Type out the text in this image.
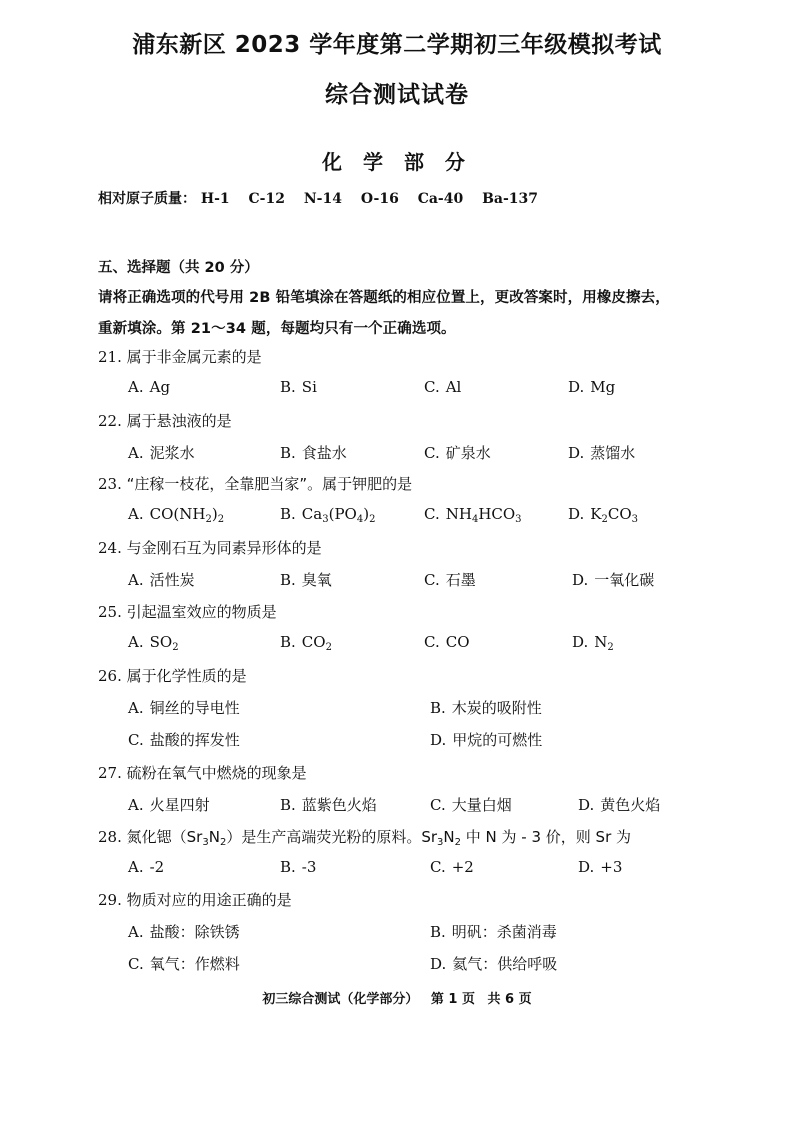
浦东新区 2023 学年度第二学期初三年级模拟考试
综合测试试卷
化 学 部 分
相对原子质量： H-1 C-12 N-14 O-16 Ca-40 Ba-137
五、选择题（共 20 分）
请将正确选项的代号用 2B 铅笔填涂在答题纸的相应位置上，更改答案时，用橡皮擦去，
重新填涂。第 21～34 题，每题均只有一个正确选项。
21. 属于非金属元素的是
A. Ag	B. Si	C. Al	D. Mg
22. 属于悬浊液的是
A. 泥浆水	B. 食盐水	C. 矿泉水	D. 蒸馏水
23. “庄稼一枝花，全靠肥当家”。属于钾肥的是
A. $CO(NH_2)_2$	B. $Ca_3(PO_4)_2$	C. $NH_4HCO_3$	D. $K_2CO_3$
24. 与金刚石互为同素异形体的是
A. 活性炭	B. 臭氧	C. 石墨	D. 一氧化碳
25. 引起温室效应的物质是
A. $SO_2$	B. $CO_2$	C. CO	D. $N_2$
26. 属于化学性质的是
A. 铜丝的导电性	B. 木炭的吸附性
C. 盐酸的挥发性	D. 甲烷的可燃性
27. 硫粉在氧气中燃烧的现象是
A. 火星四射	B. 蓝紫色火焰	C. 大量白烟	D. 黄色火焰
28. 氮化锶$(Sr_3N_2)$是生产高端荧光粉的原料。$Sr_3N_2$ 中 N 为 - 3 价，则 Sr 为
A. -2	B. -3	C. +2	D. +3
29. 物质对应的用途正确的是
A. 盐酸：除铁锈	B. 明矾：杀菌消毒
C. 氧气：作燃料	D. 氦气：供给呼吸
初三综合测试（化学部分） 第 1 页 共 6 页
